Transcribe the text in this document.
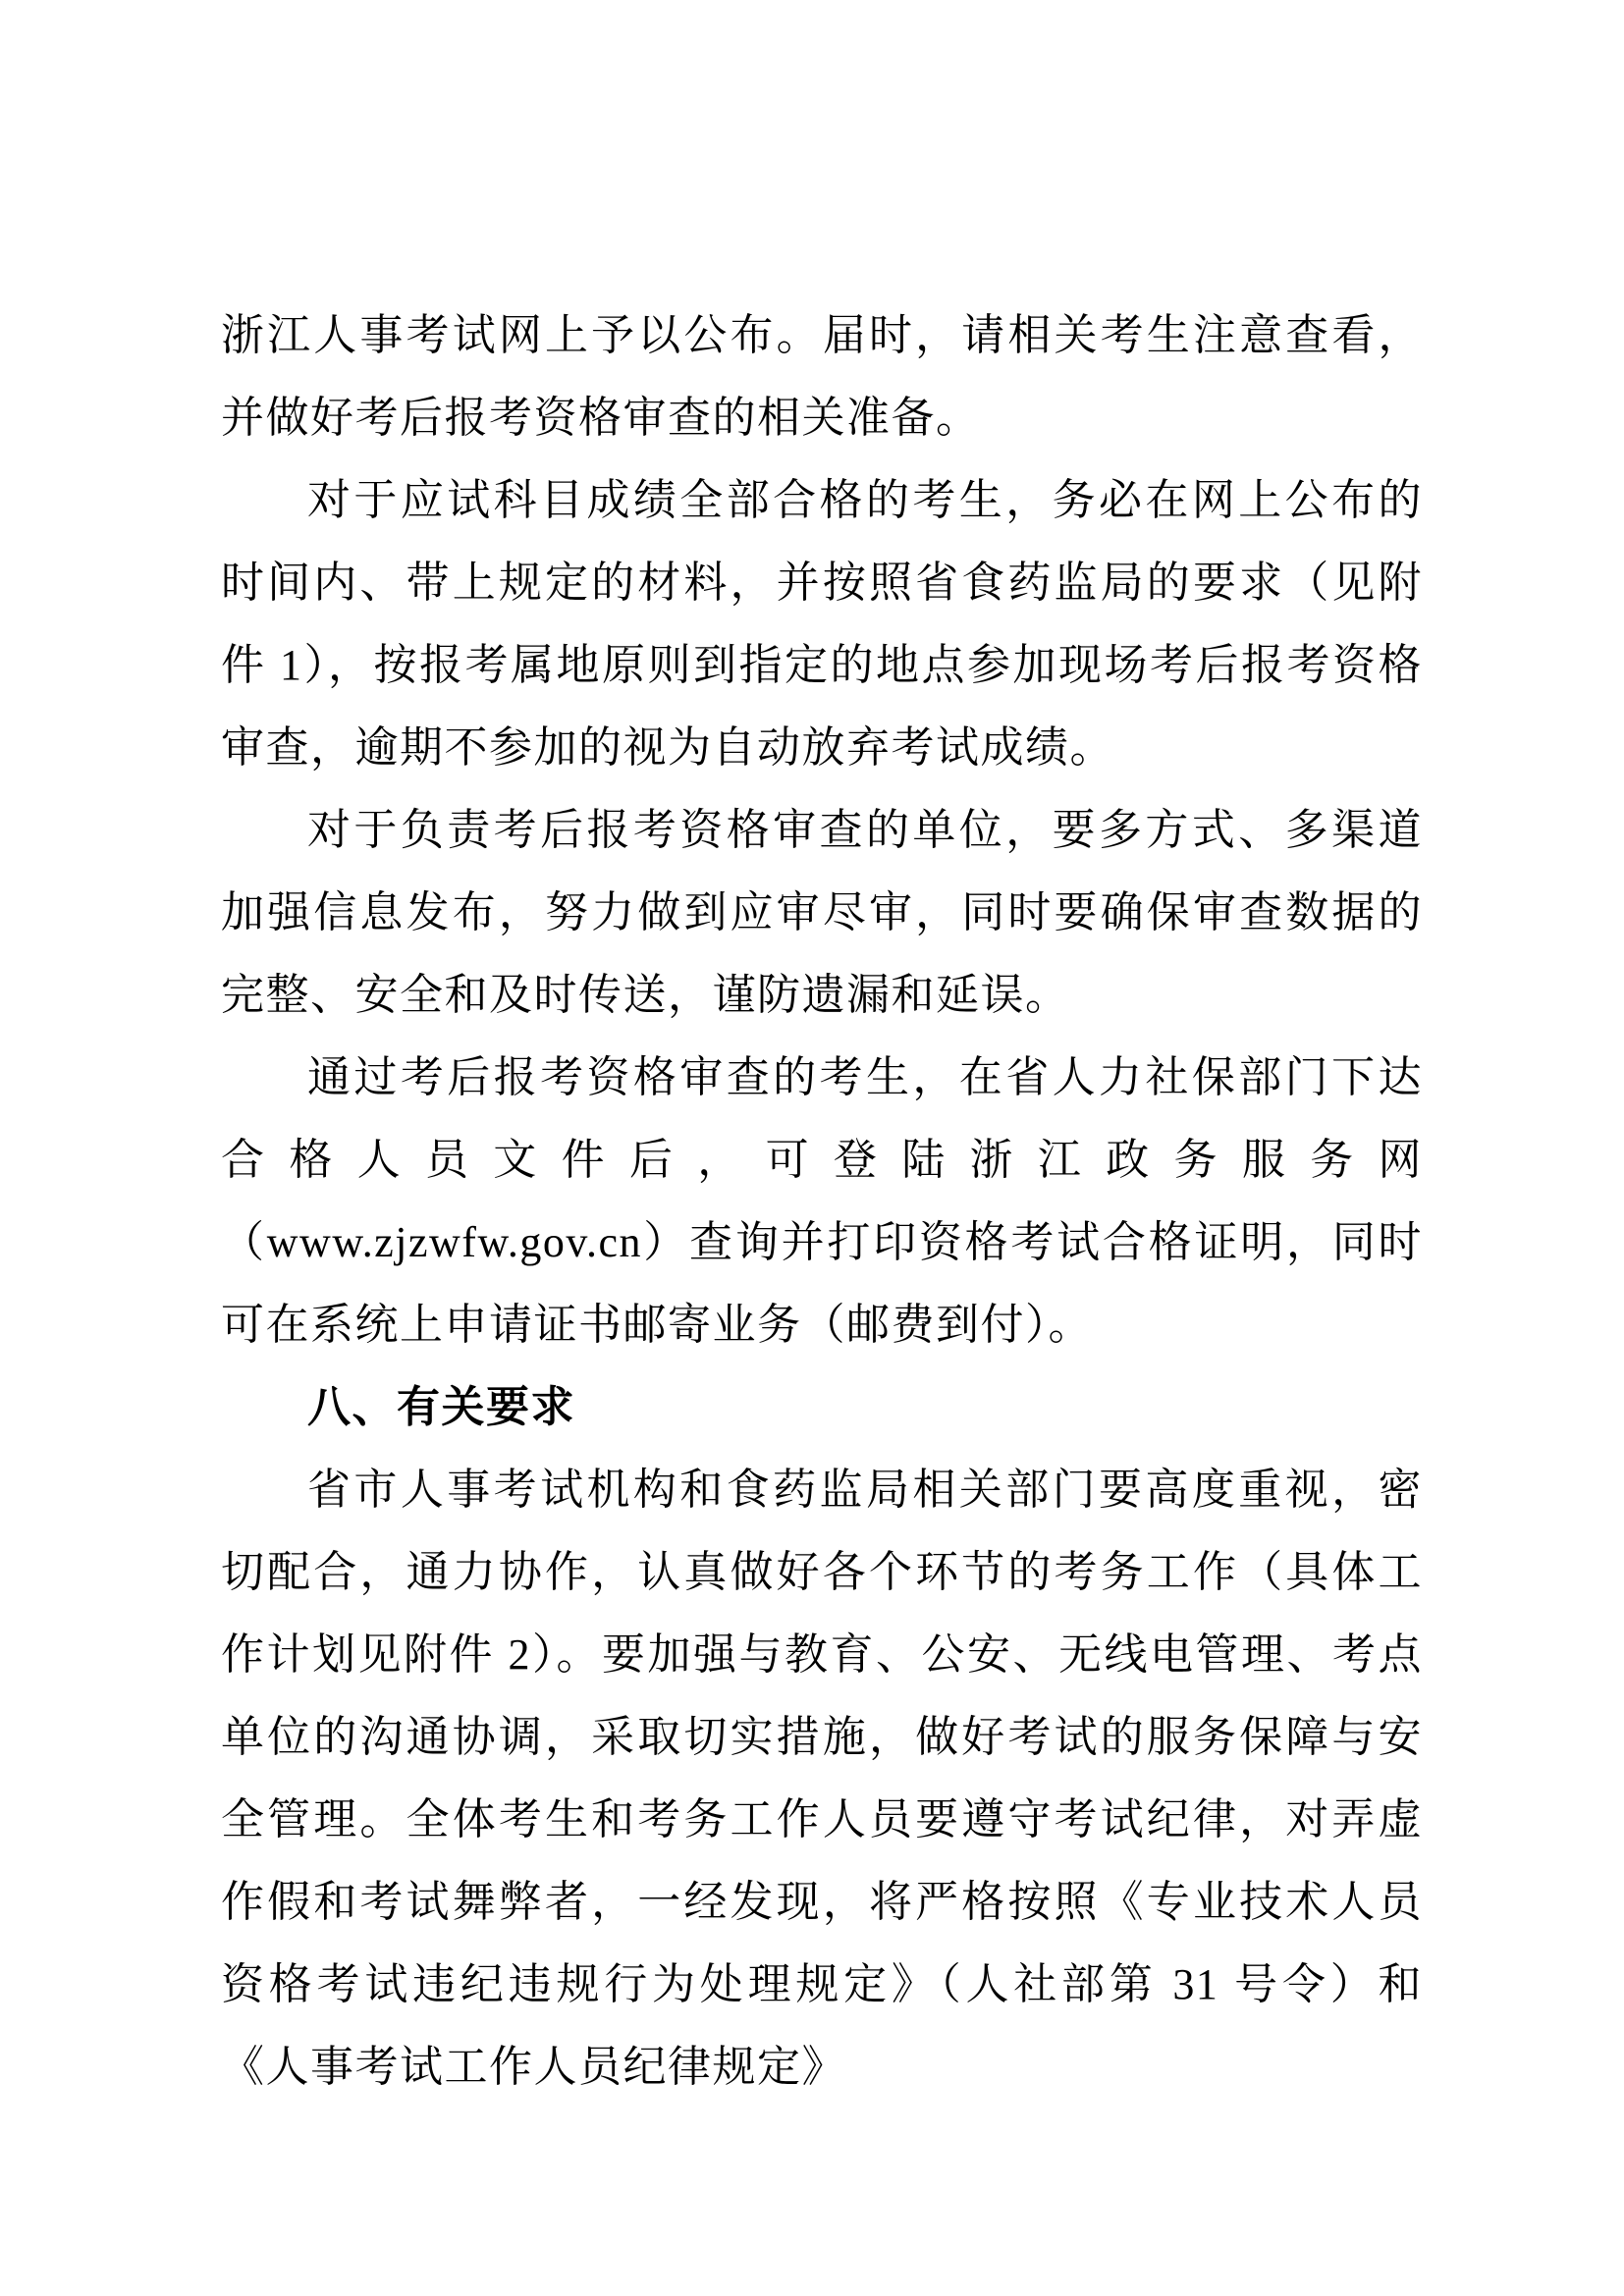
浙江人事考试网上予以公布。届时，请相关考生注意查看，并做好考后报考资格审查的相关准备。

对于应试科目成绩全部合格的考生，务必在网上公布的时间内、带上规定的材料，并按照省食药监局的要求（见附件 1），按报考属地原则到指定的地点参加现场考后报考资格审查，逾期不参加的视为自动放弃考试成绩。

对于负责考后报考资格审查的单位，要多方式、多渠道加强信息发布，努力做到应审尽审，同时要确保审查数据的完整、安全和及时传送，谨防遗漏和延误。

通过考后报考资格审查的考生，在省人力社保部门下达合格人员文件后，可登陆浙江政务服务网（www.zjzwfw.gov.cn）查询并打印资格考试合格证明，同时可在系统上申请证书邮寄业务（邮费到付）。

八、有关要求

省市人事考试机构和食药监局相关部门要高度重视，密切配合，通力协作，认真做好各个环节的考务工作（具体工作计划见附件 2）。要加强与教育、公安、无线电管理、考点单位的沟通协调，采取切实措施，做好考试的服务保障与安全管理。全体考生和考务工作人员要遵守考试纪律，对弄虚作假和考试舞弊者，一经发现，将严格按照《专业技术人员资格考试违纪违规行为处理规定》（人社部第 31 号令）和《人事考试工作人员纪律规定》
